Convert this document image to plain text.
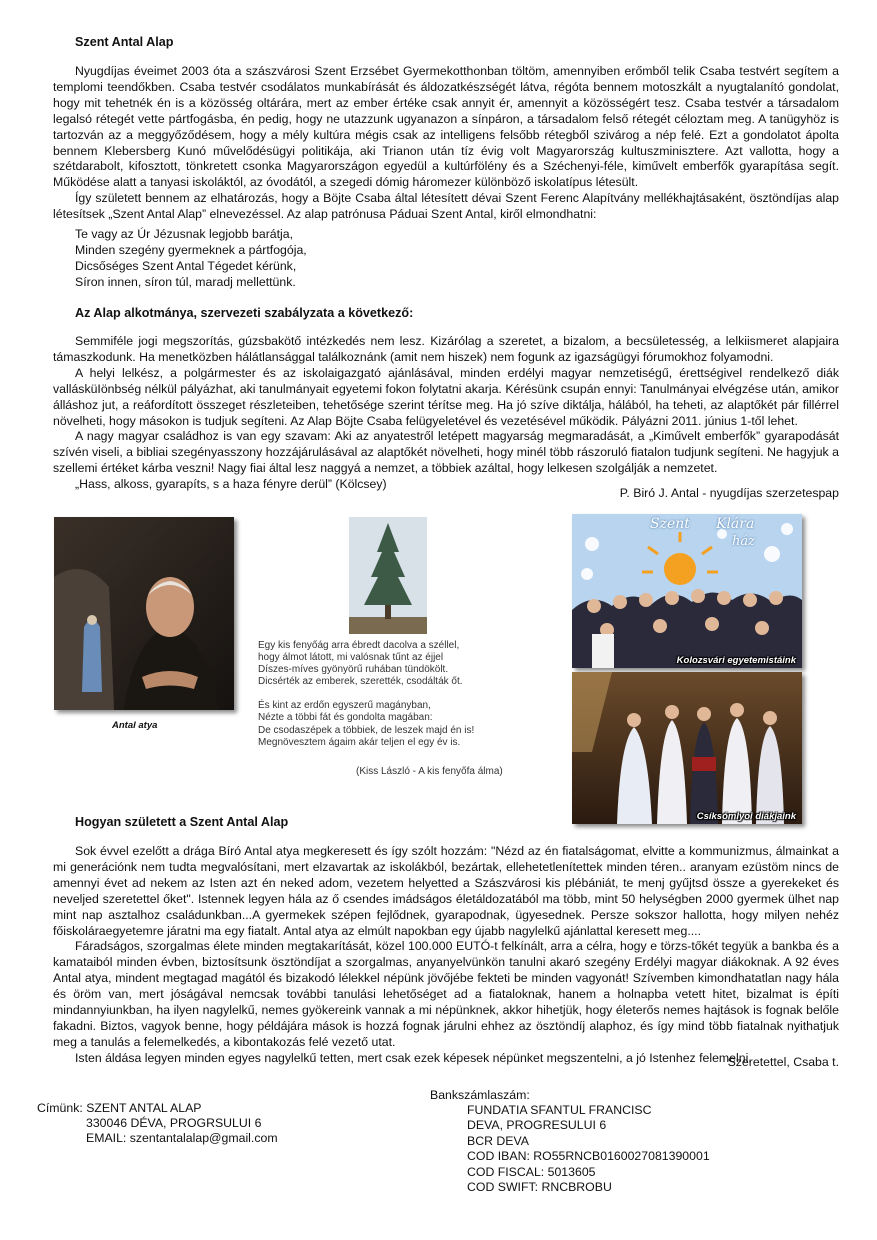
Szent Antal Alap

Nyugdíjas éveimet 2003 óta a szászvárosi Szent Erzsébet Gyermekotthonban töltöm, amennyiben erőmből telik Csaba testvért segítem a templomi teendőkben. Csaba testvér csodálatos munkabírását és áldozatkészségét látva, régóta bennem motoszkált a nyugtalanító gondolat, hogy mit tehetnék én is a közösség oltárára, mert az ember értéke csak annyit ér, amennyit a közösségért tesz. Csaba testvér a társadalom legalsó rétegét vette pártfogásba, én pedig, hogy ne utazzunk ugyanazon a sínpáron, a társadalom felső rétegét céloztam meg. A tanügyhöz is tartozván az a meggyőződésem, hogy a mély kultúra mégis csak az intelligens felsőbb rétegből szivárog a nép felé. Ezt a gondolatot ápolta bennem Klebersberg Kunó művelődésügyi politikája, aki Trianon után tíz évig volt Magyarország kultuszminisztere. Azt vallotta, hogy a szétdarabolt, kifosztott, tönkretett csonka Magyarországon egyedül a kultúrfölény és a Széchenyi-féle, kiművelt emberfők gyarapítása segít. Működése alatt a tanyasi iskoláktól, az óvodától, a szegedi dómig háromezer különböző iskolatípus létesült.

Így született bennem az elhatározás, hogy a Böjte Csaba által létesített dévai Szent Ferenc Alapítvány mellékhajtásaként, ösztöndíjas alap létesítsek „Szent Antal Alap” elnevezéssel. Az alap patrónusa Páduai Szent Antal, kiről elmondhatni:

Te vagy az Úr Jézusnak legjobb barátja,
Minden szegény gyermeknek a pártfogója,
Dicsőséges Szent Antal Tégedet kérünk,
Síron innen, síron túl, maradj mellettünk.
Az Alap alkotmánya, szervezeti szabályzata a következő:

Semmiféle jogi megszorítás, gúzsbakötő intézkedés nem lesz. Kizárólag a szeretet, a bizalom, a becsületesség, a lelkiismeret alapjaira támaszkodunk. Ha menetközben hálátlansággal találkoznánk (amit nem hiszek) nem fogunk az igazságügyi fórumokhoz folyamodni.

A helyi lelkész, a polgármester és az iskolaigazgató ajánlásával, minden erdélyi magyar nemzetiségű, érettségivel rendelkező diák vallásküIönbség nélkül pályázhat, aki tanulmányait egyetemi fokon folytatni akarja. Kérésünk csupán ennyi: Tanulmányai elvégzése után, amikor álláshoz jut, a reáfordított összeget részleteiben, tehetősége szerint térítse meg. Ha jó szíve diktálja, hálából, ha teheti, az alaptőkét pár fillérrel növelheti, hogy másokon is tudjuk segíteni. Az Alap Böjte Csaba felügyeletével és vezetésével működik. Pályázni 2011. június 1-től lehet.

A nagy magyar családhoz is van egy szavam: Aki az anyatestről letépett magyarság megmaradását, a „Kiművelt emberfők” gyarapodását szívén viseli, a bibliai szegényasszony hozzájárulásával az alaptőkét növelheti, hogy minél több rászoruló fiatalon tudjunk segíteni. Ne hagyjuk a szellemi értéket kárba veszni! Nagy fiai által lesz naggyá a nemzet, a többiek azáltal, hogy lelkesen szolgálják a nemzetet.

„Hass, alkoss, gyarapíts, s a haza fényre derül” (Kölcsey)

P. Biró J. Antal - nyugdíjas szerzetespap
Antal atya
Egy kis fenyőág arra ébredt dacolva a széllel,
hogy álmot látott, mi valósnak tűnt az éjjel
Díszes-míves gyönyörű ruhában tündökölt.
Dicsérték az emberek, szerették, csodálták őt.
És kint az erdőn egyszerű magányban,
Nézte a többi fát és gondolta magában:
De csodaszépek a többiek, de leszek majd én is!
Megnövesztem ágaim akár teljen el egy év is.
(Kiss László - A kis fenyőfa álma)
Szent Klára
ház
Kolozsvári egyetemistáink
Csíksómlyoi diákjaink
Hogyan született a Szent Antal Alap

Sok évvel ezelőtt a drága Bíró Antal atya megkeresett és így szólt hozzám: "Nézd az én fiatalságomat, elvitte a kommunizmus, álmainkat a mi generációnk nem tudta megvalósítani, mert elzavartak az iskolákból, bezártak, ellehetetlenítettek minden téren.. aranyam ezüstöm nincs de amennyi évet ad nekem az Isten azt én neked adom, vezetem helyetted a Szászvárosi kis plébániát, te menj gyűjtsd össze a gyerekeket és neveljed szeretettel őket". Istennek legyen hála az ő csendes imádságos életáldozatából ma több, mint 50 helységben 2000 gyermek ülhet nap mint nap asztalhoz családunkban...A gyermekek szépen fejlődnek, gyarapodnak, ügyesednek. Persze sokszor hallotta, hogy milyen nehéz főiskoláraegyetemre járatni ma egy fiatalt. Antal atya az elmúlt napokban egy újabb nagylelkű ajánlattal keresett meg....

Fáradságos, szorgalmas élete minden megtakarítását, közel 100.000 EUTÓ-t felkínált, arra a célra, hogy e törzs-tőkét tegyük a bankba és a kamataiból minden évben, biztosítsunk ösztöndíjat a szorgalmas, anyanyelvünkön tanulni akaró szegény Erdélyi magyar diákoknak. A 92 éves Antal atya, mindent megtagad magától és bizakodó lélekkel népünk jövőjébe fekteti be minden vagyonát! Szívemben kimondhatatlan nagy hála és öröm van, mert jóságával nemcsak további tanulási lehetőséget ad a fiataloknak, hanem a holnapba vetett hitet, bizalmat is építi mindannyiunkban, ha ilyen nagylelkű, nemes gyökereink vannak a mi népünknek, akkor hihetjük, hogy életerős nemes hajtások is fognak belőle fakadni. Biztos, vagyok benne, hogy példájára mások is hozzá fognak járulni ehhez az ösztöndíj alaphoz, és így mind több fiatalnak nyithatjuk meg a tanulás a felemelkedés, a kibontakozás felé vezető utat.

Isten áldása legyen minden egyes nagylelkű tetten, mert csak ezek képesek népünket megszentelni, a jó Istenhez felemelni.

Szeretettel, Csaba t.
Címünk: SZENT ANTAL ALAP
330046 DÉVA, PROGRSULUI 6
EMAIL: szentantalalap@gmail.com
Bankszámlaszám:
FUNDATIA SFANTUL FRANCISC
DEVA, PROGRESULUI 6
BCR DEVA
COD IBAN: RO55RNCB0160027081390001
COD FISCAL: 5013605
COD SWIFT: RNCBROBU
